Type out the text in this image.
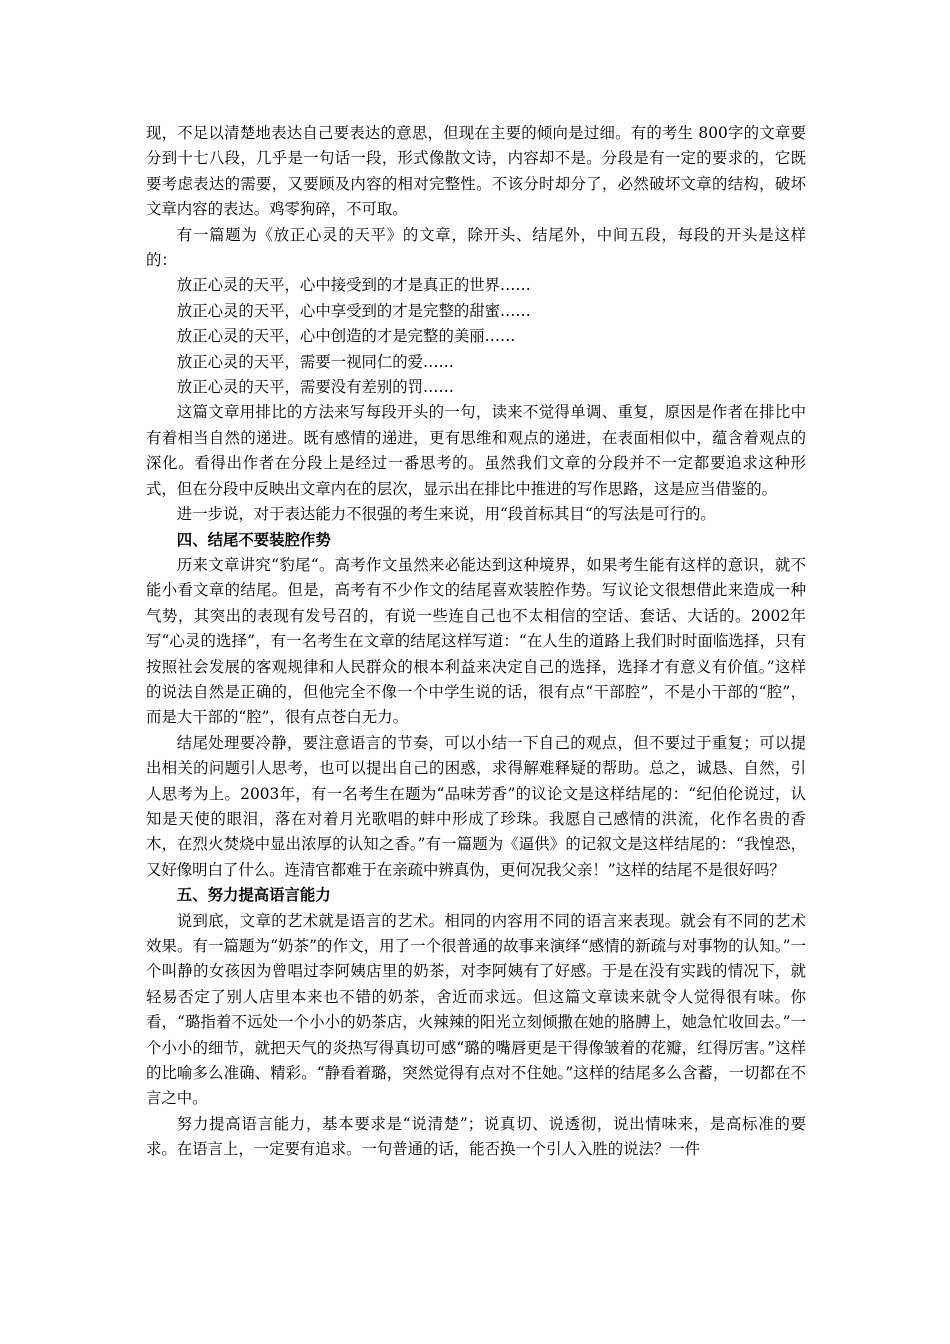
现，不足以清楚地表达自己要表达的意思，但现在主要的倾向是过细。有的考生 800字的文章要分到十七八段，几乎是一句话一段，形式像散文诗，内容却不是。分段是有一定的要求的，它既要考虑表达的需要，又要顾及内容的相对完整性。不该分时却分了，必然破坏文章的结构，破坏文章内容的表达。鸡零狗碎，不可取。

有一篇题为《放正心灵的天平》的文章，除开头、结尾外，中间五段，每段的开头是这样的：

放正心灵的天平，心中接受到的才是真正的世界……

放正心灵的天平，心中享受到的才是完整的甜蜜……

放正心灵的天平，心中创造的才是完整的美丽……

放正心灵的天平，需要一视同仁的爱……

放正心灵的天平，需要没有差别的罚……

这篇文章用排比的方法来写每段开头的一句，读来不觉得单调、重复，原因是作者在排比中有着相当自然的递进。既有感情的递进，更有思维和观点的递进，在表面相似中，蕴含着观点的深化。看得出作者在分段上是经过一番思考的。虽然我们文章的分段并不一定都要追求这种形式，但在分段中反映出文章内在的层次，显示出在排比中推进的写作思路，这是应当借鉴的。

进一步说，对于表达能力不很强的考生来说，用“段首标其目“的写法是可行的。

四、结尾不要装腔作势

历来文章讲究“豹尾“。高考作文虽然来必能达到这种境界，如果考生能有这样的意识，就不能小看文章的结尾。但是，高考有不少作文的结尾喜欢装腔作势。写议论文很想借此来造成一种气势，其突出的表现有发号召的，有说一些连自己也不太相信的空话、套话、大话的。2002年写“心灵的选择”，有一名考生在文章的结尾这样写道：“在人生的道路上我们时时面临选择，只有按照社会发展的客观规律和人民群众的根本利益来决定自己的选择，选择才有意义有价值。”这样的说法自然是正确的，但他完全不像一个中学生说的话，很有点“干部腔”，不是小干部的“腔”，而是大干部的“腔”，很有点苍白无力。

结尾处理要冷静，要注意语言的节奏，可以小结一下自己的观点，但不要过于重复；可以提出相关的问题引人思考，也可以提出自己的困惑，求得解难释疑的帮助。总之，诚恳、自然，引人思考为上。2003年，有一名考生在题为“品味芳香”的议论文是这样结尾的：“纪伯伦说过，认知是天使的眼泪，落在对着月光歌唱的蚌中形成了珍珠。我愿自己感情的洪流，化作名贵的香木，在烈火焚烧中显出浓厚的认知之香。”有一篇题为《逼供》的记叙文是这样结尾的：“我惶恐，又好像明白了什么。连清官都难于在亲疏中辨真伪，更何况我父亲！”这样的结尾不是很好吗？

五、努力提高语言能力

说到底，文章的艺术就是语言的艺术。相同的内容用不同的语言来表现。就会有不同的艺术效果。有一篇题为“奶茶”的作文，用了一个很普通的故事来演绎“感情的新疏与对事物的认知。”一个叫静的女孩因为曾唱过李阿姨店里的奶茶，对李阿姨有了好感。于是在没有实践的情况下，就轻易否定了别人店里本来也不错的奶茶，舍近而求远。但这篇文章读来就令人觉得很有味。你看，“璐指着不远处一个小小的奶茶店，火辣辣的阳光立刻倾撒在她的胳膊上，她急忙收回去。”一个小小的细节，就把天气的炎热写得真切可感“璐的嘴唇更是干得像皱着的花瓣，红得厉害。”这样的比喻多么准确、精彩。“静看着璐，突然觉得有点对不住她。”这样的结尾多么含蓄，一切都在不言之中。

努力提高语言能力，基本要求是“说清楚”；说真切、说透彻，说出情味来，是高标准的要求。在语言上，一定要有追求。一句普通的话，能否换一个引人入胜的说法？一件
